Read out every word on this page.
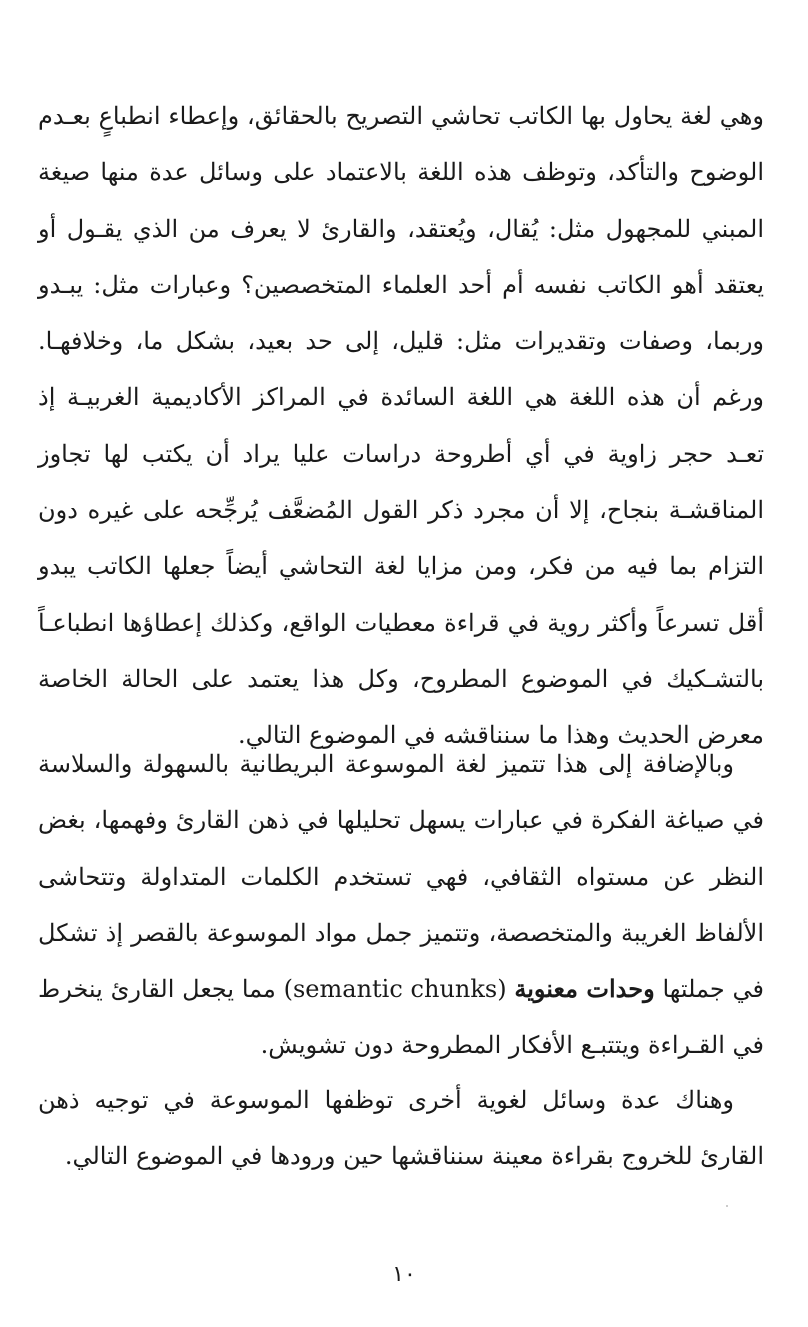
وهي لغة يحاول بها الكاتب تحاشي التصريح بالحقائق، وإعطاء انطباعٍ بعـدم الوضوح والتأكد، وتوظف هذه اللغة بالاعتماد على وسائل عدة منها صيغة المبني للمجهول مثل: يُقال، ويُعتقد، والقارئ لا يعرف من الذي يقـول أو يعتقد أهو الكاتب نفسه أم أحد العلماء المتخصصين؟ وعبارات مثل: يبـدو وربما، وصفات وتقديرات مثل: قليل، إلى حد بعيد، بشكل ما، وخلافهـا. ورغم أن هذه اللغة هي اللغة السائدة في المراكز الأكاديمية الغربيـة إذ تعـد حجر زاوية في أي أطروحة دراسات عليا يراد أن يكتب لها تجاوز المناقشـة بنجاح، إلا أن مجرد ذكر القول المُضعَّف يُرجِّحه على غيره دون التزام بما فيه من فكر، ومن مزايا لغة التحاشي أيضاً جعلها الكاتب يبدو أقل تسرعاً وأكثر روية في قراءة معطيات الواقع، وكذلك إعطاؤها انطباعـاً بالتشـكيك في الموضوع المطروح، وكل هذا يعتمد على الحالة الخاصة معرض الحديث وهذا ما سنناقشه في الموضوع التالي.

وبالإضافة إلى هذا تتميز لغة الموسوعة البريطانية بالسهولة والسلاسة في صياغة الفكرة في عبارات يسهل تحليلها في ذهن القارئ وفهمها، بغض النظر عن مستواه الثقافي، فهي تستخدم الكلمات المتداولة وتتحاشى الألفاظ الغريبة والمتخصصة، وتتميز جمل مواد الموسوعة بالقصر إذ تشكل في جملتها وحدات معنوية (semantic chunks) مما يجعل القارئ ينخرط في القـراءة ويتتبـع الأفكار المطروحة دون تشويش.

وهناك عدة وسائل لغوية أخرى توظفها الموسوعة في توجيه ذهن القارئ للخروج بقراءة معينة سنناقشها حين ورودها في الموضوع التالي.

١٠
